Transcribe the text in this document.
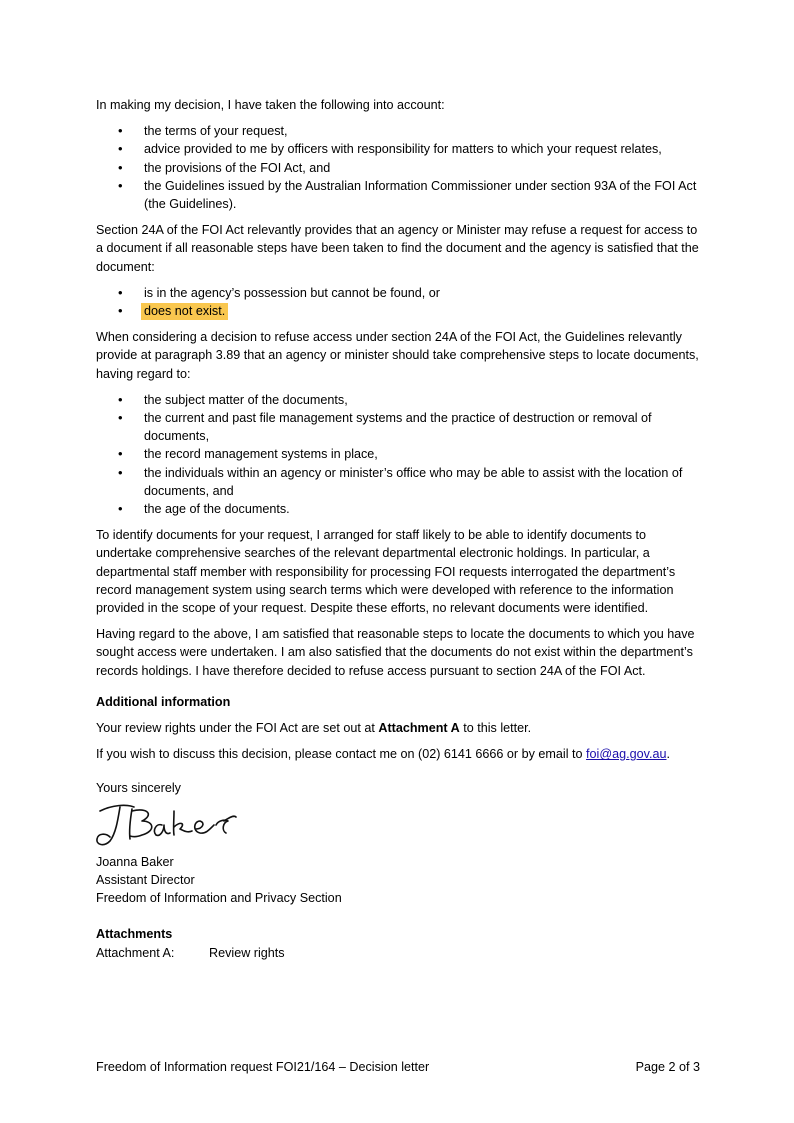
In making my decision, I have taken the following into account:

• the terms of your request,
• advice provided to me by officers with responsibility for matters to which your request relates,
• the provisions of the FOI Act, and
• the Guidelines issued by the Australian Information Commissioner under section 93A of the FOI Act (the Guidelines).

Section 24A of the FOI Act relevantly provides that an agency or Minister may refuse a request for access to a document if all reasonable steps have been taken to find the document and the agency is satisfied that the document:

• is in the agency’s possession but cannot be found, or
• does not exist.

When considering a decision to refuse access under section 24A of the FOI Act, the Guidelines relevantly provide at paragraph 3.89 that an agency or minister should take comprehensive steps to locate documents, having regard to:

• the subject matter of the documents,
• the current and past file management systems and the practice of destruction or removal of documents,
• the record management systems in place,
• the individuals within an agency or minister’s office who may be able to assist with the location of documents, and
• the age of the documents.

To identify documents for your request, I arranged for staff likely to be able to identify documents to undertake comprehensive searches of the relevant departmental electronic holdings. In particular, a departmental staff member with responsibility for processing FOI requests interrogated the department’s record management system using search terms which were developed with reference to the information provided in the scope of your request. Despite these efforts, no relevant documents were identified.

Having regard to the above, I am satisfied that reasonable steps to locate the documents to which you have sought access were undertaken. I am also satisfied that the documents do not exist within the department’s records holdings. I have therefore decided to refuse access pursuant to section 24A of the FOI Act.

Additional information

Your review rights under the FOI Act are set out at Attachment A to this letter.

If you wish to discuss this decision, please contact me on (02) 6141 6666 or by email to foi@ag.gov.au.

Yours sincerely
Joanna Baker
Assistant Director
Freedom of Information and Privacy Section
Attachments
Attachment A:	Review rights
Freedom of Information request FOI21/164 – Decision letter	Page 2 of 3
